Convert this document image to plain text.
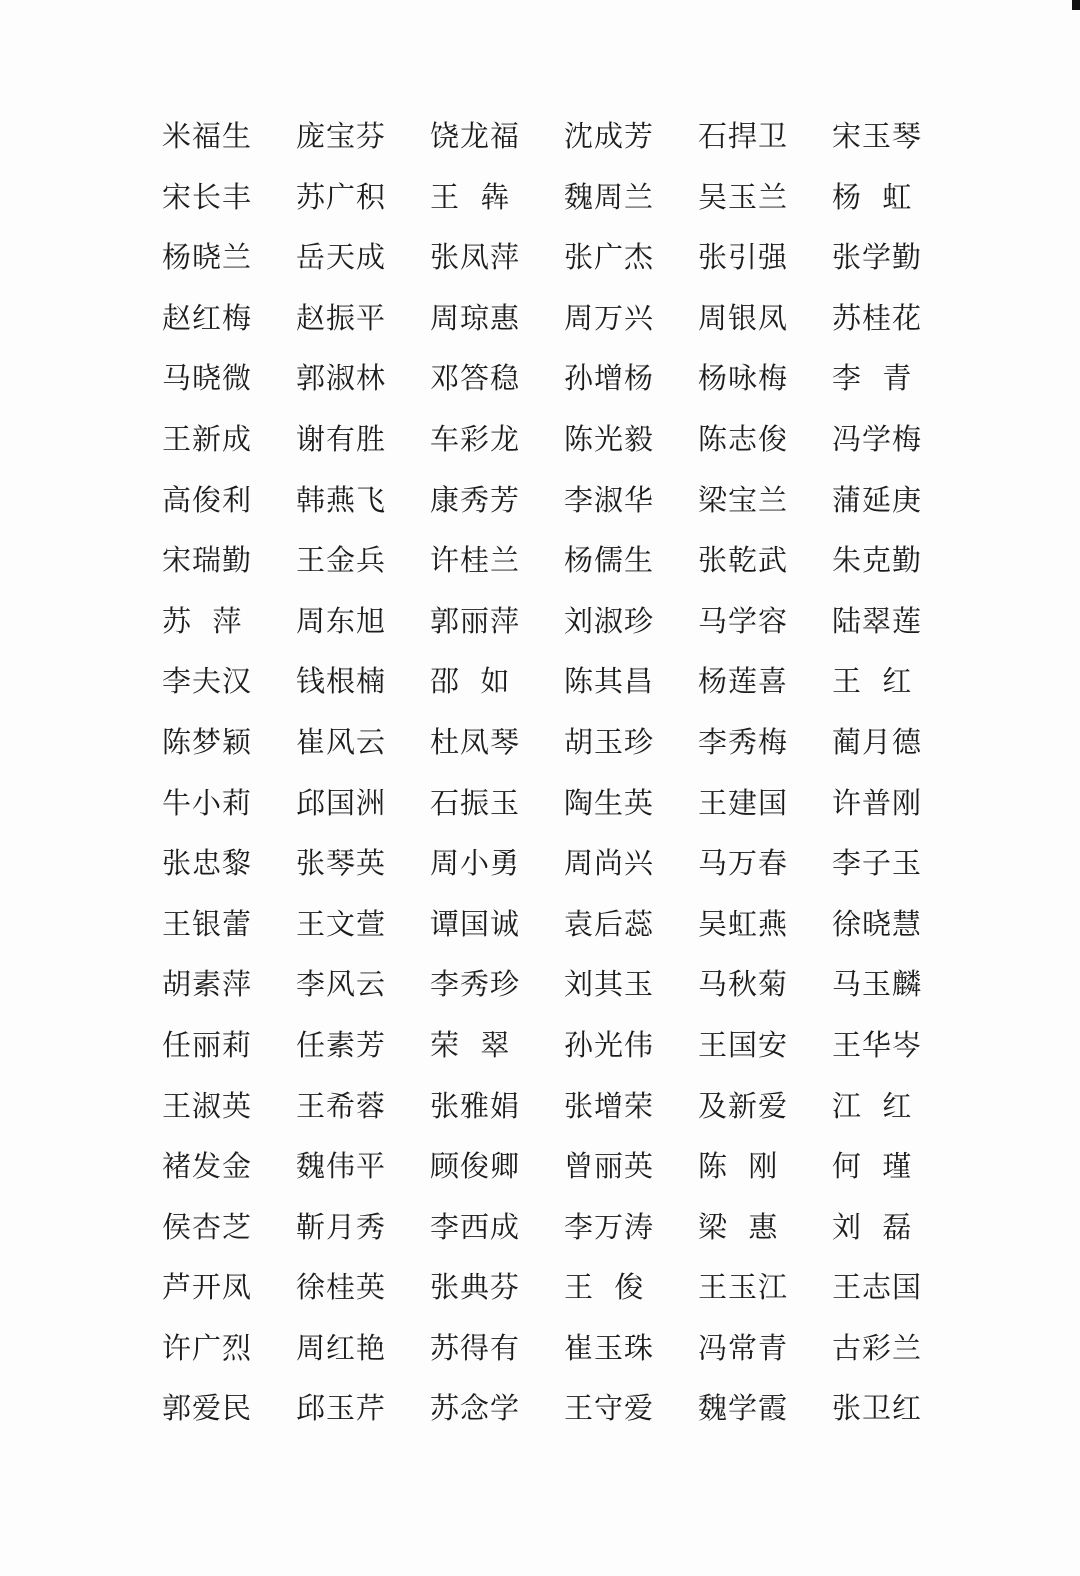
米福生	庞宝芬	饶龙福	沈成芳	石捍卫	宋玉琴
宋长丰	苏广积	王  犇	魏周兰	吴玉兰	杨  虹
杨晓兰	岳天成	张凤萍	张广杰	张引强	张学勤
赵红梅	赵振平	周琼惠	周万兴	周银凤	苏桂花
马晓微	郭淑林	邓答稳	孙增杨	杨咏梅	李  青
王新成	谢有胜	车彩龙	陈光毅	陈志俊	冯学梅
高俊利	韩燕飞	康秀芳	李淑华	梁宝兰	蒲延庚
宋瑞勤	王金兵	许桂兰	杨儒生	张乾武	朱克勤
苏  萍	周东旭	郭丽萍	刘淑珍	马学容	陆翠莲
李夫汉	钱根楠	邵  如	陈其昌	杨莲喜	王  红
陈梦颖	崔风云	杜凤琴	胡玉珍	李秀梅	蔺月德
牛小莉	邱国洲	石振玉	陶生英	王建国	许普刚
张忠黎	张琴英	周小勇	周尚兴	马万春	李子玉
王银蕾	王文萱	谭国诚	袁后蕊	吴虹燕	徐晓慧
胡素萍	李风云	李秀珍	刘其玉	马秋菊	马玉麟
任丽莉	任素芳	荣  翠	孙光伟	王国安	王华岑
王淑英	王希蓉	张雅娟	张增荣	及新爱	江  红
褚发金	魏伟平	顾俊卿	曾丽英	陈  刚	何  瑾
侯杏芝	靳月秀	李西成	李万涛	梁  惠	刘  磊
芦开凤	徐桂英	张典芬	王  俊	王玉江	王志国
许广烈	周红艳	苏得有	崔玉珠	冯常青	古彩兰
郭爱民	邱玉芹	苏念学	王守爱	魏学霞	张卫红
